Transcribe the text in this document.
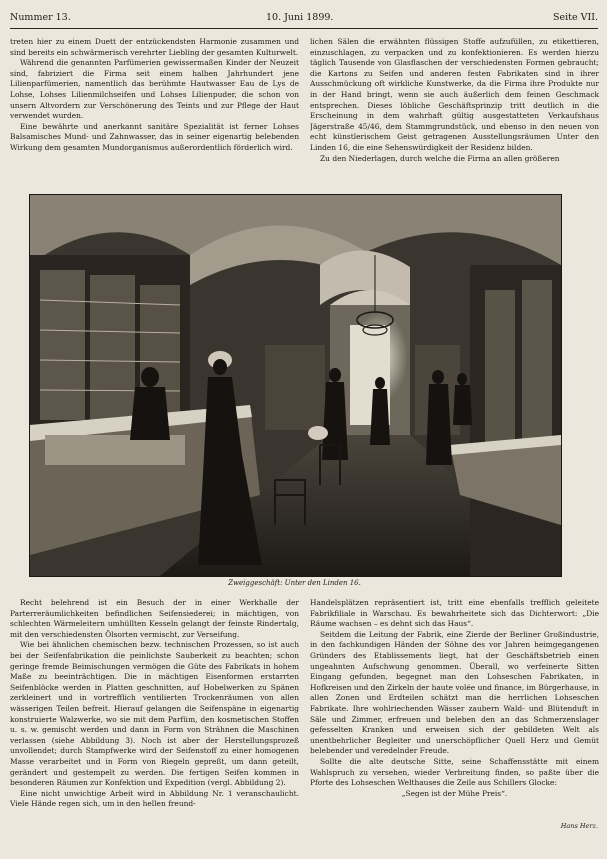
Nummer 13.	10. Juni 1899.	Seite VII.

treten hier zu einem Duett der entzückendsten Harmonie zusammen und sind bereits ein schwärmerisch verehrter Liebling der gesamten Kulturwelt.

Während die genannten Parfümerien gewissermaßen Kinder der Neuzeit sind, fabriziert die Firma seit einem halben Jahrhundert jene Lilienparfümerien, namentlich das berühmte Hautwasser Eau de Lys de Lohse, Lohses Lilienmilchseifen und Lohses Lilienpuder, die schon von unsern Altvordern zur Verschönerung des Teints und zur Pflege der Haut verwendet wurden.

Eine bewährte und anerkannt sanitäre Spezialität ist ferner Lohses Balsamisches Mund- und Zahnwasser, das in seiner eigenartig belebenden Wirkung dem gesamten Mundorganismus außerordentlich förderlich wird.

lichen Sälen die erwähnten flüssigen Stoffe aufzufüllen, zu etikettieren, einzuschlagen, zu verpacken und zu konfektionieren. Es werden hierzu täglich Tausende von Glasflaschen der verschiedensten Formen gebraucht; die Kartons zu Seifen und anderen festen Fabrikaten sind in ihrer Ausschmückung oft wirkliche Kunstwerke, da die Firma ihre Produkte nur in der Hand bringt, wenn sie auch äußerlich dem feinen Geschmack entsprechen. Dieses löbliche Geschäftsprinzip tritt deutlich in die Erscheinung in dem wahrhaft gültig ausgestatteten Verkaufshaus Jägerstraße 45/46, dem Stammgrundstück, und ebenso in den neuen von echt künstlerischem Geist getragenen Ausstellungsräumen Unter den Linden 16, die eine Sehenswürdigkeit der Residenz bilden.

Zu den Niederlagen, durch welche die Firma an allen größeren

Zweiggeschäft: Unter den Linden 16.

Recht belehrend ist ein Besuch der in einer Werkhalle der Parterreräumlichkeiten befindlichen Seifensiederei; in mächtigen, von schlechten Wärmeleitern umhüllten Kesseln gelangt der feinste Rindertalg, mit den verschiedensten Ölsorten vermischt, zur Verseifung.

Wie bei ähnlichen chemischen bezw. technischen Prozessen, so ist auch bei der Seifenfabrikation die peinlichste Sauberkeit zu beachten; schon geringe fremde Beimischungen vermögen die Güte des Fabrikats in hohem Maße zu beeinträchtigen. Die in mächtigen Eisenformen erstarrten Seifenblöcke werden in Platten geschnitten, auf Hobelwerken zu Spänen zerkleinert und in vortrefflich ventilierten Trockenräumen von allen wässerigen Teilen befreit. Hierauf gelangen die Seifenspäne in eigenartig konstruierte Walzwerke, wo sie mit dem Parfüm, den kosmetischen Stoffen u. s. w. gemischt werden und dann in Form von Strähnen die Maschinen verlassen (siehe Abbildung 3). Noch ist aber der Herstellungsprozeß unvollendet; durch Stampfwerke wird der Seifenstoff zu einer homogenen Masse verarbeitet und in Form von Riegeln gepreßt, um dann geteilt, gerändert und gestempelt zu werden. Die fertigen Seifen kommen in besonderen Räumen zur Konfektion und Expedition (vergl. Abbildung 2).

Eine nicht unwichtige Arbeit wird in Abbildung Nr. 1 veranschaulicht. Viele Hände regen sich, um in den hellen freund-

Handelsplätzen repräsentiert ist, tritt eine ebenfalls trefflich geleitete Fabrikfiliale in Warschau. Es bewahrheitete sich das Dichterwort: „Die Räume wachsen – es dehnt sich das Haus“.

Seitdem die Leitung der Fabrik, eine Zierde der Berliner Großindustrie, in den fachkundigen Händen der Söhne des vor Jahren heimgegangenen Gründers des Etablissements liegt, hat der Geschäftsbetrieb einen ungeahnten Aufschwung genommen. Überall, wo verfeinerte Sitten Eingang gefunden, begegnet man den Lohseschen Fabrikaten, in Hofkreisen und den Zirkeln der haute volée und finance, im Bürgerhause, in allen Zonen und Erdteilen schätzt man die herrlichen Lohseschen Fabrikate. Ihre wohlriechenden Wässer zaubern Wald- und Blütenduft in Säle und Zimmer, erfreuen und beleben den an das Schmerzenslager gefesselten Kranken und erweisen sich der gebildeten Welt als unentbehrlicher Begleiter und unerschöpflicher Quell Herz und Gemüt belebender und veredelnder Freude.

Sollte die alte deutsche Sitte, seine Schaffensstätte mit einem Wahlspruch zu versehen, wieder Verbreitung finden, so paßte über die Pforte des Lohseschen Welthauses die Zeile aus Schillers Glocke:

„Segen ist der Mühe Preis“.

Hans Herz.
